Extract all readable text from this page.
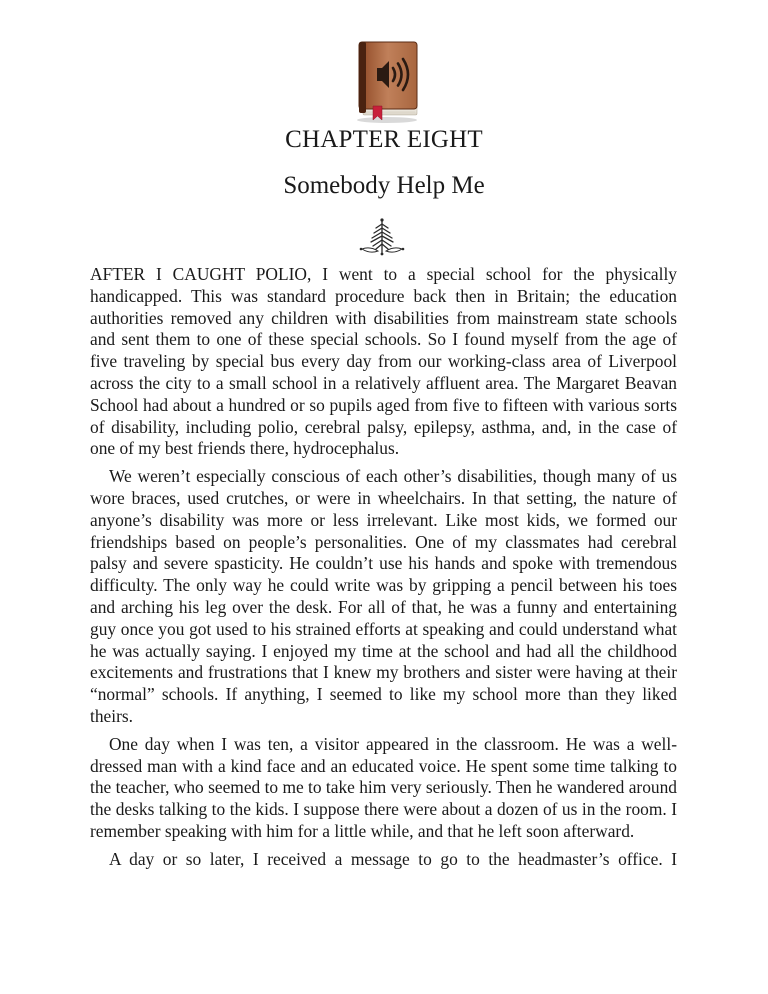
CHAPTER EIGHT
Somebody Help Me

AFTER I CAUGHT POLIO, I went to a special school for the physically handicapped. This was standard procedure back then in Britain; the education authorities removed any children with disabilities from mainstream state schools and sent them to one of these special schools. So I found myself from the age of five traveling by special bus every day from our working-class area of Liverpool across the city to a small school in a relatively affluent area. The Margaret Beavan School had about a hundred or so pupils aged from five to fifteen with various sorts of disability, including polio, cerebral palsy, epilepsy, asthma, and, in the case of one of my best friends there, hydrocephalus.

We weren’t especially conscious of each other’s disabilities, though many of us wore braces, used crutches, or were in wheelchairs. In that setting, the nature of anyone’s disability was more or less irrelevant. Like most kids, we formed our friendships based on people’s personalities. One of my classmates had cerebral palsy and severe spasticity. He couldn’t use his hands and spoke with tremendous difficulty. The only way he could write was by gripping a pencil between his toes and arching his leg over the desk. For all of that, he was a funny and entertaining guy once you got used to his strained efforts at speaking and could understand what he was actually saying. I enjoyed my time at the school and had all the childhood excitements and frustrations that I knew my brothers and sister were having at their “normal” schools. If anything, I seemed to like my school more than they liked theirs.

One day when I was ten, a visitor appeared in the classroom. He was a well-dressed man with a kind face and an educated voice. He spent some time talking to the teacher, who seemed to me to take him very seriously. Then he wandered around the desks talking to the kids. I suppose there were about a dozen of us in the room. I remember speaking with him for a little while, and that he left soon afterward.

A day or so later, I received a message to go to the headmaster’s office. I
